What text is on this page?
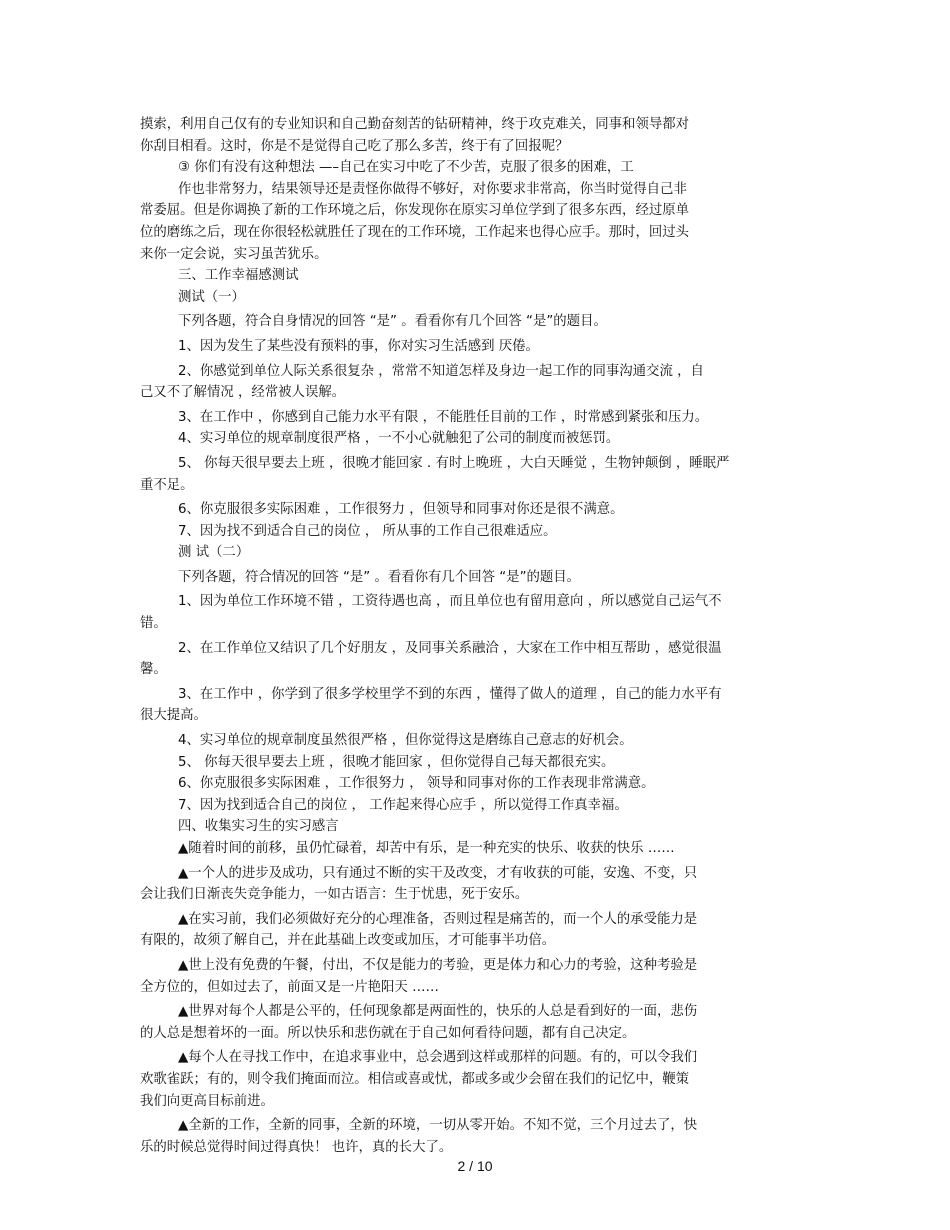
摸索，利用自己仅有的专业知识和自己勤奋刻苦的钻研精神，终于攻克难关，同事和领导都对
你刮目相看。这时，你是不是觉得自己吃了那么多苦，终于有了回报呢？
③ 你们有没有这种想法 —–自己在实习中吃了不少苦，克服了很多的困难，工
作也非常努力，结果领导还是责怪你做得不够好，对你要求非常高，你当时觉得自己非
常委屈。但是你调换了新的工作环境之后，你发现你在原实习单位学到了很多东西，经过原单
位的磨练之后，现在你很轻松就胜任了现在的工作环境，工作起来也得心应手。那时，回过头
来你一定会说，实习虽苦犹乐。
三、工作幸福感测试
测试（一）
下列各题，符合自身情况的回答 “是” 。看看你有几个回答 “是”的题目。
1、因为发生了某些没有预料的事，你对实习生活感到 厌倦。
2、你感觉到单位人际关系很复杂 ，常常不知道怎样及身边一起工作的同事沟通交流 ，自
己又不了解情况 ，经常被人误解。
3、在工作中 ，你感到自己能力水平有限 ，不能胜任目前的工作 ，时常感到紧张和压力。
4、实习单位的规章制度很严格 ，一不小心就触犯了公司的制度而被惩罚。
5、 你每天很早要去上班 ，很晚才能回家 . 有时上晚班 ，大白天睡觉 ，生物钟颠倒 ，睡眠严
重不足。
6、你克服很多实际困难 ，工作很努力 ，但领导和同事对你还是很不满意。
7、因为找不到适合自己的岗位 ， 所从事的工作自己很难适应。
测 试（二）
下列各题，符合情况的回答 “是” 。看看你有几个回答 “是”的题目。
1、因为单位工作环境不错 ，工资待遇也高 ，而且单位也有留用意向 ，所以感觉自己运气不
错。
2、在工作单位又结识了几个好朋友 ，及同事关系融洽 ，大家在工作中相互帮助 ，感觉很温
馨。
3、在工作中 ，你学到了很多学校里学不到的东西 ，懂得了做人的道理 ，自己的能力水平有
很大提高。
4、实习单位的规章制度虽然很严格 ，但你觉得这是磨练自己意志的好机会。
5、 你每天很早要去上班 ，很晚才能回家 ，但你觉得自己每天都很充实。
6、你克服很多实际困难 ，工作很努力 ， 领导和同事对你的工作表现非常满意。
7、因为找到适合自己的岗位 ， 工作起来得心应手 ，所以觉得工作真幸福。
四、收集实习生的实习感言
▲随着时间的前移，虽仍忙碌着，却苦中有乐，是一种充实的快乐、收获的快乐 ……
▲一个人的进步及成功，只有通过不断的实干及改变，才有收获的可能，安逸、不变，只
会让我们日渐丧失竞争能力，一如古语言：生于忧患，死于安乐。
▲在实习前，我们必须做好充分的心理准备，否则过程是痛苦的，而一个人的承受能力是
有限的，故须了解自己，并在此基础上改变或加压，才可能事半功倍。
▲世上没有免费的午餐，付出，不仅是能力的考验，更是体力和心力的考验，这种考验是
全方位的，但如过去了，前面又是一片艳阳天 ……
▲世界对每个人都是公平的，任何现象都是两面性的，快乐的人总是看到好的一面，悲伤
的人总是想着坏的一面。所以快乐和悲伤就在于自己如何看待问题，都有自己决定。
▲每个人在寻找工作中，在追求事业中，总会遇到这样或那样的问题。有的，可以令我们
欢歌雀跃；有的，则令我们掩面而泣。相信或喜或忧，都或多或少会留在我们的记忆中，鞭策
我们向更高目标前进。
▲全新的工作，全新的同事，全新的环境，一切从零开始。不知不觉，三个月过去了，快
乐的时候总觉得时间过得真快！ 也许，真的长大了。
2 / 10
